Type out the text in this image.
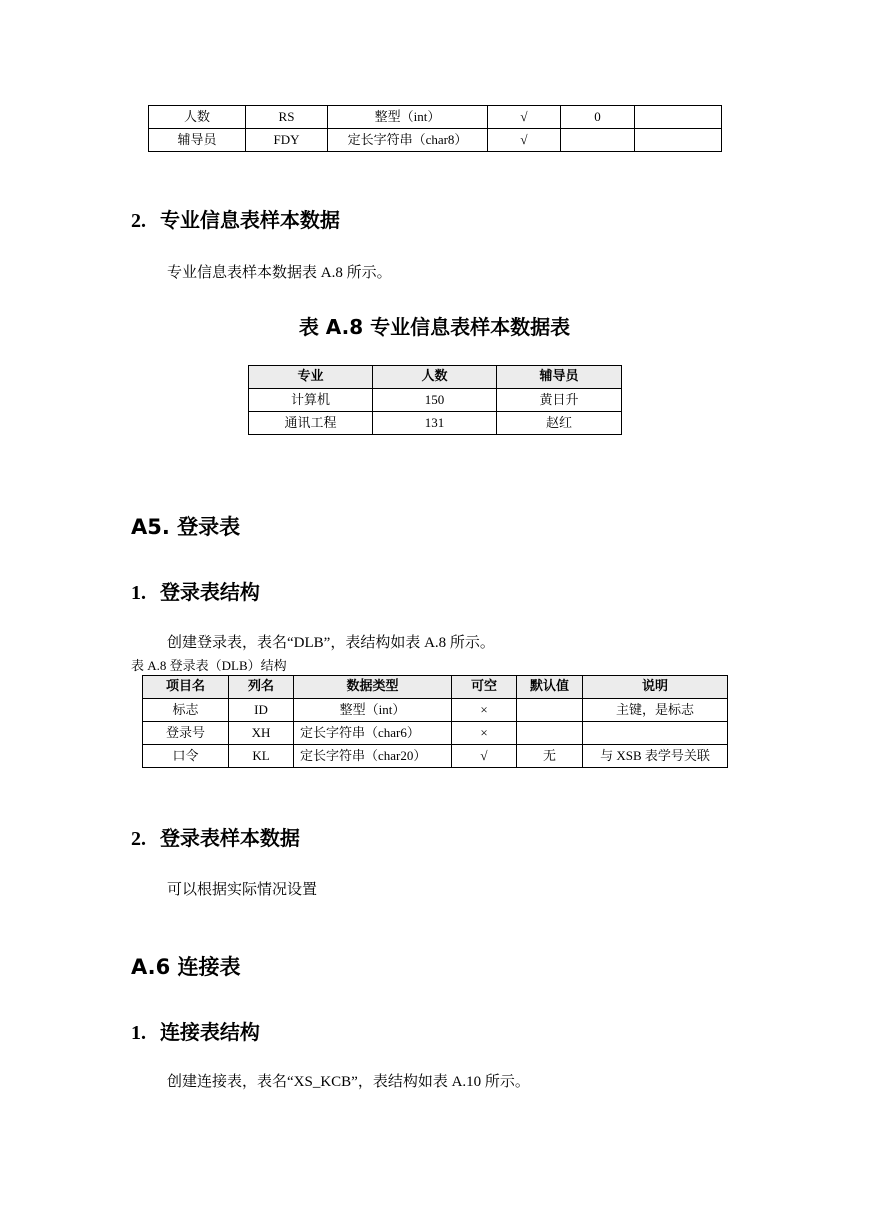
人数	RS	整型（int）	√	0	
辅导员	FDY	定长字符串（char8）	√		
2. 专业信息表样本数据
专业信息表样本数据表 A.8 所示。
表 A.8 专业信息表样本数据表
专业	人数	辅导员
计算机	150	黄日升
通讯工程	131	赵红
A5. 登录表
1. 登录表结构
创建登录表，表名“DLB”，表结构如表 A.8 所示。
表 A.8 登录表（DLB）结构
项目名	列名	数据类型	可空	默认值	说明
标志	ID	整型（int）	×		主键，是标志
登录号	XH	定长字符串（char6）	×		
口令	KL	定长字符串（char20）	√	无	与 XSB 表学号关联
2. 登录表样本数据
可以根据实际情况设置
A.6 连接表
1. 连接表结构
创建连接表，表名“XS_KCB”，表结构如表 A.10 所示。
